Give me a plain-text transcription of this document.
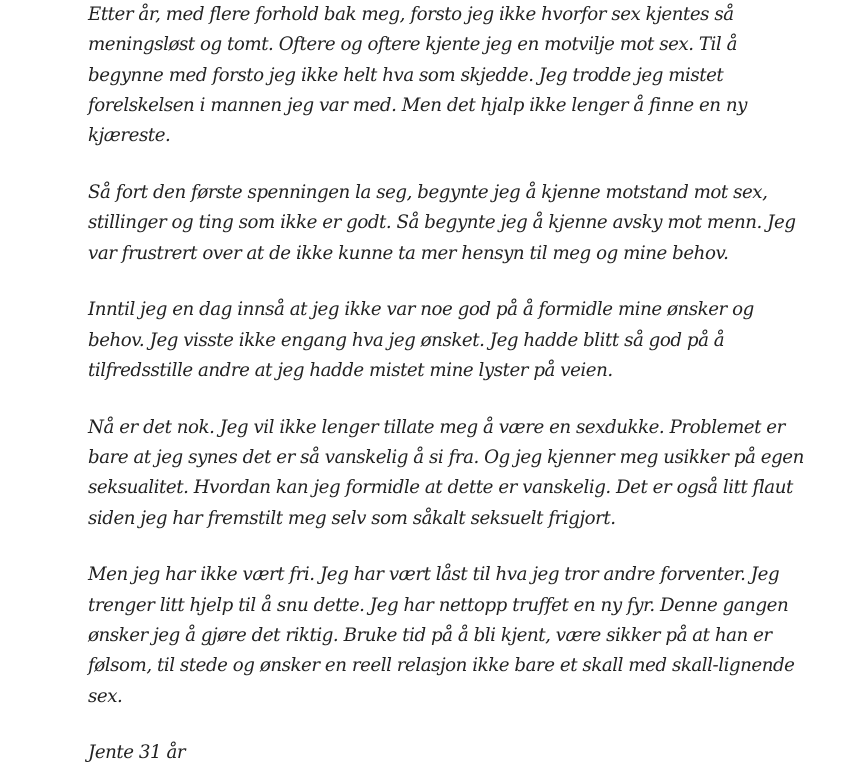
Etter år, med flere forhold bak meg, forsto jeg ikke hvorfor sex kjentes så meningsløst og tomt. Oftere og oftere kjente jeg en motvilje mot sex. Til å begynne med forsto jeg ikke helt hva som skjedde. Jeg trodde jeg mistet forelskelsen i mannen jeg var med. Men det hjalp ikke lenger å finne en ny kjæreste.

Så fort den første spenningen la seg, begynte jeg å kjenne motstand mot sex, stillinger og ting som ikke er godt. Så begynte jeg å kjenne avsky mot menn. Jeg var frustrert over at de ikke kunne ta mer hensyn til meg og mine behov.

Inntil jeg en dag innså at jeg ikke var noe god på å formidle mine ønsker og behov. Jeg visste ikke engang hva jeg ønsket. Jeg hadde blitt så god på å tilfredsstille andre at jeg hadde mistet mine lyster på veien.

Nå er det nok. Jeg vil ikke lenger tillate meg å være en sexdukke. Problemet er bare at jeg synes det er så vanskelig å si fra. Og jeg kjenner meg usikker på egen seksualitet. Hvordan kan jeg formidle at dette er vanskelig. Det er også litt flaut siden jeg har fremstilt meg selv som såkalt seksuelt frigjort.

Men jeg har ikke vært fri. Jeg har vært låst til hva jeg tror andre forventer. Jeg trenger litt hjelp til å snu dette. Jeg har nettopp truffet en ny fyr. Denne gangen ønsker jeg å gjøre det riktig. Bruke tid på å bli kjent, være sikker på at han er følsom, til stede og ønsker en reell relasjon ikke bare et skall med skall-lignende sex.

Jente 31 år
